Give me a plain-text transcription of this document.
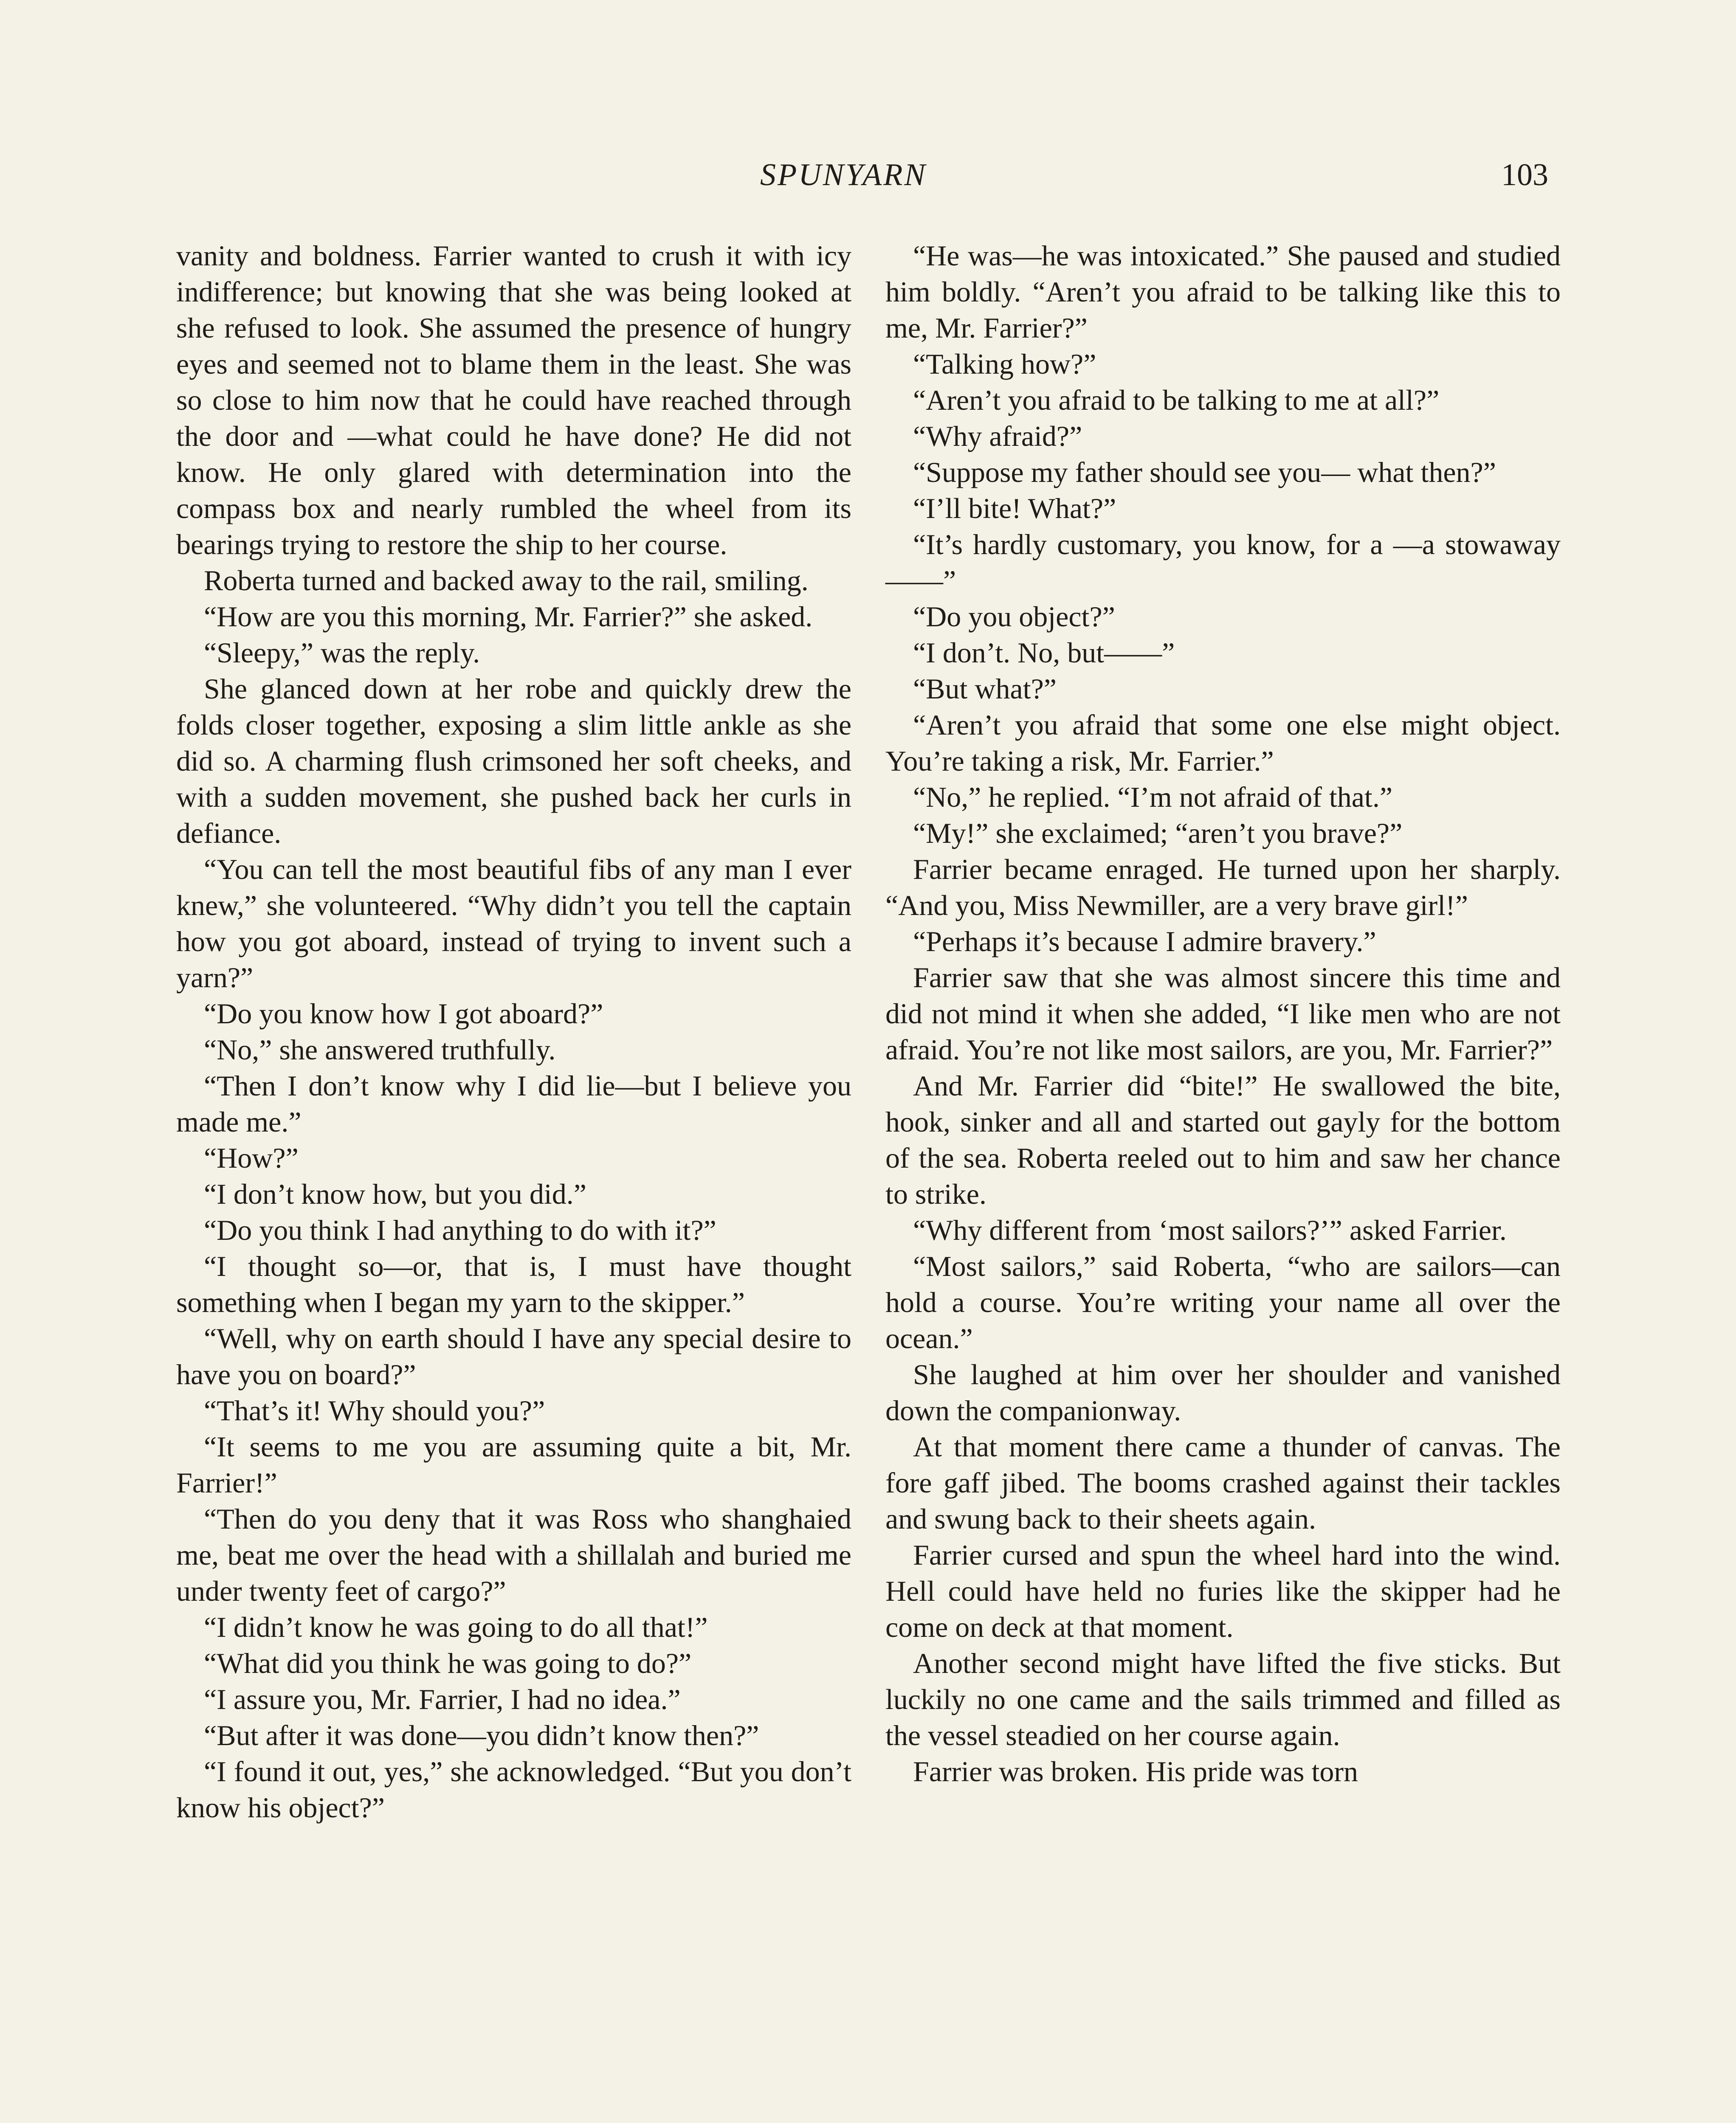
SPUNYARN	103

vanity and boldness. Farrier wanted to crush it with icy indifference; but knowing that she was being looked at she refused to look. She assumed the presence of hungry eyes and seemed not to blame them in the least. She was so close to him now that he could have reached through the door and —what could he have done? He did not know. He only glared with determination into the compass box and nearly rumbled the wheel from its bearings trying to restore the ship to her course.

Roberta turned and backed away to the rail, smiling.

“How are you this morning, Mr. Farrier?” she asked.

“Sleepy,” was the reply.

She glanced down at her robe and quickly drew the folds closer together, exposing a slim little ankle as she did so. A charming flush crimsoned her soft cheeks, and with a sudden movement, she pushed back her curls in defiance.

“You can tell the most beautiful fibs of any man I ever knew,” she volunteered. “Why didn’t you tell the captain how you got aboard, instead of trying to invent such a yarn?”

“Do you know how I got aboard?”

“No,” she answered truthfully.

“Then I don’t know why I did lie—but I believe you made me.”

“How?”

“I don’t know how, but you did.”

“Do you think I had anything to do with it?”

“I thought so—or, that is, I must have thought something when I began my yarn to the skipper.”

“Well, why on earth should I have any special desire to have you on board?”

“That’s it! Why should you?”

“It seems to me you are assuming quite a bit, Mr. Farrier!”

“Then do you deny that it was Ross who shanghaied me, beat me over the head with a shillalah and buried me under twenty feet of cargo?”

“I didn’t know he was going to do all that!”

“What did you think he was going to do?”

“I assure you, Mr. Farrier, I had no idea.”

“But after it was done—you didn’t know then?”

“I found it out, yes,” she acknowledged. “But you don’t know his object?”

“He was—he was intoxicated.” She paused and studied him boldly. “Aren’t you afraid to be talking like this to me, Mr. Farrier?”

“Talking how?”

“Aren’t you afraid to be talking to me at all?”

“Why afraid?”

“Suppose my father should see you— what then?”

“I’ll bite! What?”

“It’s hardly customary, you know, for a —a stowaway——”

“Do you object?”

“I don’t. No, but——”

“But what?”

“Aren’t you afraid that some one else might object. You’re taking a risk, Mr. Farrier.”

“No,” he replied. “I’m not afraid of that.”

“My!” she exclaimed; “aren’t you brave?”

Farrier became enraged. He turned upon her sharply. “And you, Miss Newmiller, are a very brave girl!”

“Perhaps it’s because I admire bravery.”

Farrier saw that she was almost sincere this time and did not mind it when she added, “I like men who are not afraid. You’re not like most sailors, are you, Mr. Farrier?”

And Mr. Farrier did “bite!” He swallowed the bite, hook, sinker and all and started out gayly for the bottom of the sea. Roberta reeled out to him and saw her chance to strike.

“Why different from ‘most sailors?’” asked Farrier.

“Most sailors,” said Roberta, “who are sailors—can hold a course. You’re writing your name all over the ocean.”

She laughed at him over her shoulder and vanished down the companionway.

At that moment there came a thunder of canvas. The fore gaff jibed. The booms crashed against their tackles and swung back to their sheets again.

Farrier cursed and spun the wheel hard into the wind. Hell could have held no furies like the skipper had he come on deck at that moment.

Another second might have lifted the five sticks. But luckily no one came and the sails trimmed and filled as the vessel steadied on her course again.

Farrier was broken. His pride was torn
